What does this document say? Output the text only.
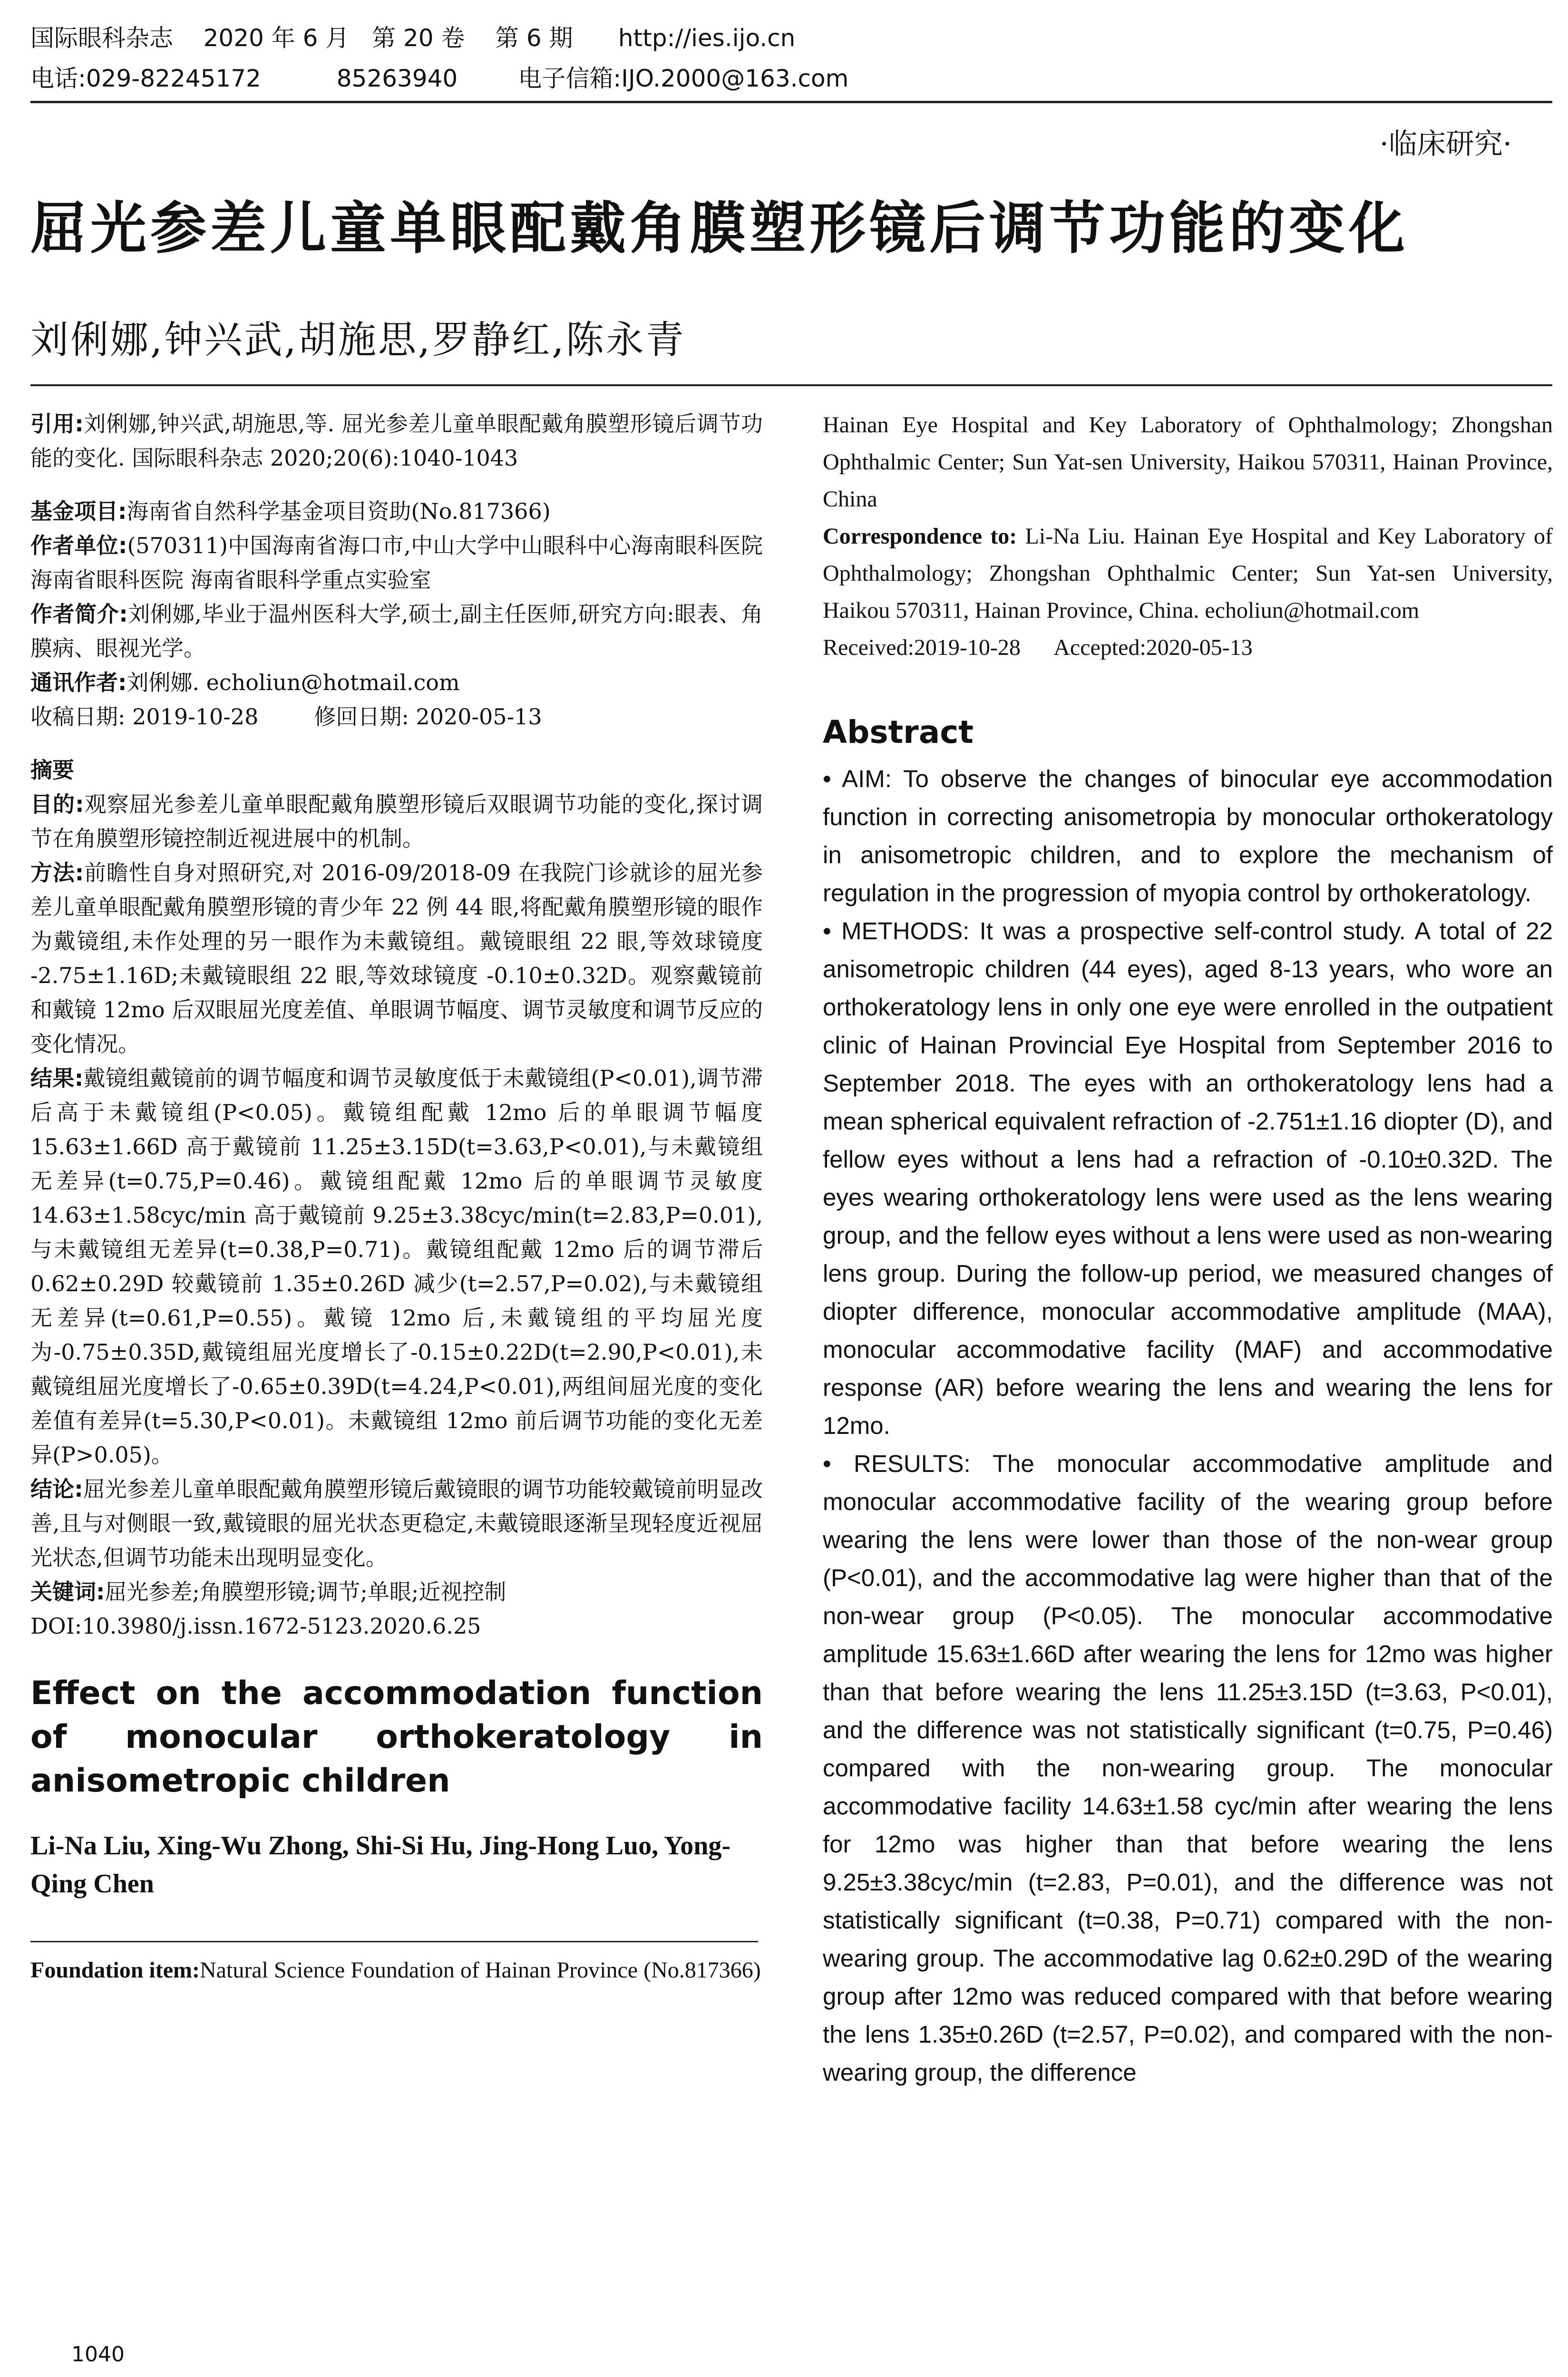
国际眼科杂志    2020 年 6 月   第 20 卷    第 6 期      http://ies.ijo.cn
电话:029-82245172          85263940        电子信箱:IJO.2000@163.com
·临床研究·
屈光参差儿童单眼配戴角膜塑形镜后调节功能的变化
刘俐娜,钟兴武,胡施思,罗静红,陈永青

引用:刘俐娜,钟兴武,胡施思,等. 屈光参差儿童单眼配戴角膜塑形镜后调节功能的变化. 国际眼科杂志 2020;20(6):1040-1043

基金项目:海南省自然科学基金项目资助(No.817366)

作者单位:(570311)中国海南省海口市,中山大学中山眼科中心海南眼科医院 海南省眼科医院 海南省眼科学重点实验室

作者简介:刘俐娜,毕业于温州医科大学,硕士,副主任医师,研究方向:眼表、角膜病、眼视光学。

通讯作者:刘俐娜. echoliun@hotmail.com

收稿日期: 2019-10-28        修回日期: 2020-05-13

摘要

目的:观察屈光参差儿童单眼配戴角膜塑形镜后双眼调节功能的变化,探讨调节在角膜塑形镜控制近视进展中的机制。

方法:前瞻性自身对照研究,对 2016-09/2018-09 在我院门诊就诊的屈光参差儿童单眼配戴角膜塑形镜的青少年 22 例 44 眼,将配戴角膜塑形镜的眼作为戴镜组,未作处理的另一眼作为未戴镜组。戴镜眼组 22 眼,等效球镜度 -2.75±1.16D;未戴镜眼组 22 眼,等效球镜度 -0.10±0.32D。观察戴镜前和戴镜 12mo 后双眼屈光度差值、单眼调节幅度、调节灵敏度和调节反应的变化情况。

结果:戴镜组戴镜前的调节幅度和调节灵敏度低于未戴镜组(P<0.01),调节滞后高于未戴镜组(P<0.05)。戴镜组配戴 12mo 后的单眼调节幅度 15.63±1.66D 高于戴镜前 11.25±3.15D(t=3.63,P<0.01),与未戴镜组无差异(t=0.75,P=0.46)。戴镜组配戴 12mo 后的单眼调节灵敏度 14.63±1.58cyc/min 高于戴镜前 9.25±3.38cyc/min(t=2.83,P=0.01),与未戴镜组无差异(t=0.38,P=0.71)。戴镜组配戴 12mo 后的调节滞后 0.62±0.29D 较戴镜前 1.35±0.26D 减少(t=2.57,P=0.02),与未戴镜组无差异(t=0.61,P=0.55)。戴镜 12mo 后,未戴镜组的平均屈光度为-0.75±0.35D,戴镜组屈光度增长了-0.15±0.22D(t=2.90,P<0.01),未戴镜组屈光度增长了-0.65±0.39D(t=4.24,P<0.01),两组间屈光度的变化差值有差异(t=5.30,P<0.01)。未戴镜组 12mo 前后调节功能的变化无差异(P>0.05)。

结论:屈光参差儿童单眼配戴角膜塑形镜后戴镜眼的调节功能较戴镜前明显改善,且与对侧眼一致,戴镜眼的屈光状态更稳定,未戴镜眼逐渐呈现轻度近视屈光状态,但调节功能未出现明显变化。

关键词:屈光参差;角膜塑形镜;调节;单眼;近视控制

DOI:10.3980/j.issn.1672-5123.2020.6.25

Effect on the accommodation function of monocular orthokeratology in anisometropic children

Li-Na Liu, Xing-Wu Zhong, Shi-Si Hu, Jing-Hong Luo, Yong-Qing Chen

Foundation item:Natural Science Foundation of Hainan Province (No.817366)

Hainan Eye Hospital and Key Laboratory of Ophthalmology; Zhongshan Ophthalmic Center; Sun Yat-sen University, Haikou 570311, Hainan Province, China

Correspondence to: Li-Na Liu. Hainan Eye Hospital and Key Laboratory of Ophthalmology; Zhongshan Ophthalmic Center; Sun Yat-sen University, Haikou 570311, Hainan Province, China. echoliun@hotmail.com

Received:2019-10-28      Accepted:2020-05-13

Abstract

• AIM: To observe the changes of binocular eye accommodation function in correcting anisometropia by monocular orthokeratology in anisometropic children, and to explore the mechanism of regulation in the progression of myopia control by orthokeratology.

• METHODS: It was a prospective self-control study. A total of 22 anisometropic children (44 eyes), aged 8-13 years, who wore an orthokeratology lens in only one eye were enrolled in the outpatient clinic of Hainan Provincial Eye Hospital from September 2016 to September 2018. The eyes with an orthokeratology lens had a mean spherical equivalent refraction of -2.751±1.16 diopter (D), and fellow eyes without a lens had a refraction of -0.10±0.32D. The eyes wearing orthokeratology lens were used as the lens wearing group, and the fellow eyes without a lens were used as non-wearing lens group. During the follow-up period, we measured changes of diopter difference, monocular accommodative amplitude (MAA), monocular accommodative facility (MAF) and accommodative response (AR) before wearing the lens and wearing the lens for 12mo.

• RESULTS: The monocular accommodative amplitude and monocular accommodative facility of the wearing group before wearing the lens were lower than those of the non-wear group (P<0.01), and the accommodative lag were higher than that of the non-wear group (P<0.05). The monocular accommodative amplitude 15.63±1.66D after wearing the lens for 12mo was higher than that before wearing the lens 11.25±3.15D (t=3.63, P<0.01), and the difference was not statistically significant (t=0.75, P=0.46) compared with the non-wearing group. The monocular accommodative facility 14.63±1.58 cyc/min after wearing the lens for 12mo was higher than that before wearing the lens 9.25±3.38cyc/min (t=2.83, P=0.01), and the difference was not statistically significant (t=0.38, P=0.71) compared with the non-wearing group. The accommodative lag 0.62±0.29D of the wearing group after 12mo was reduced compared with that before wearing the lens 1.35±0.26D (t=2.57, P=0.02), and compared with the non-wearing group, the difference

1040
